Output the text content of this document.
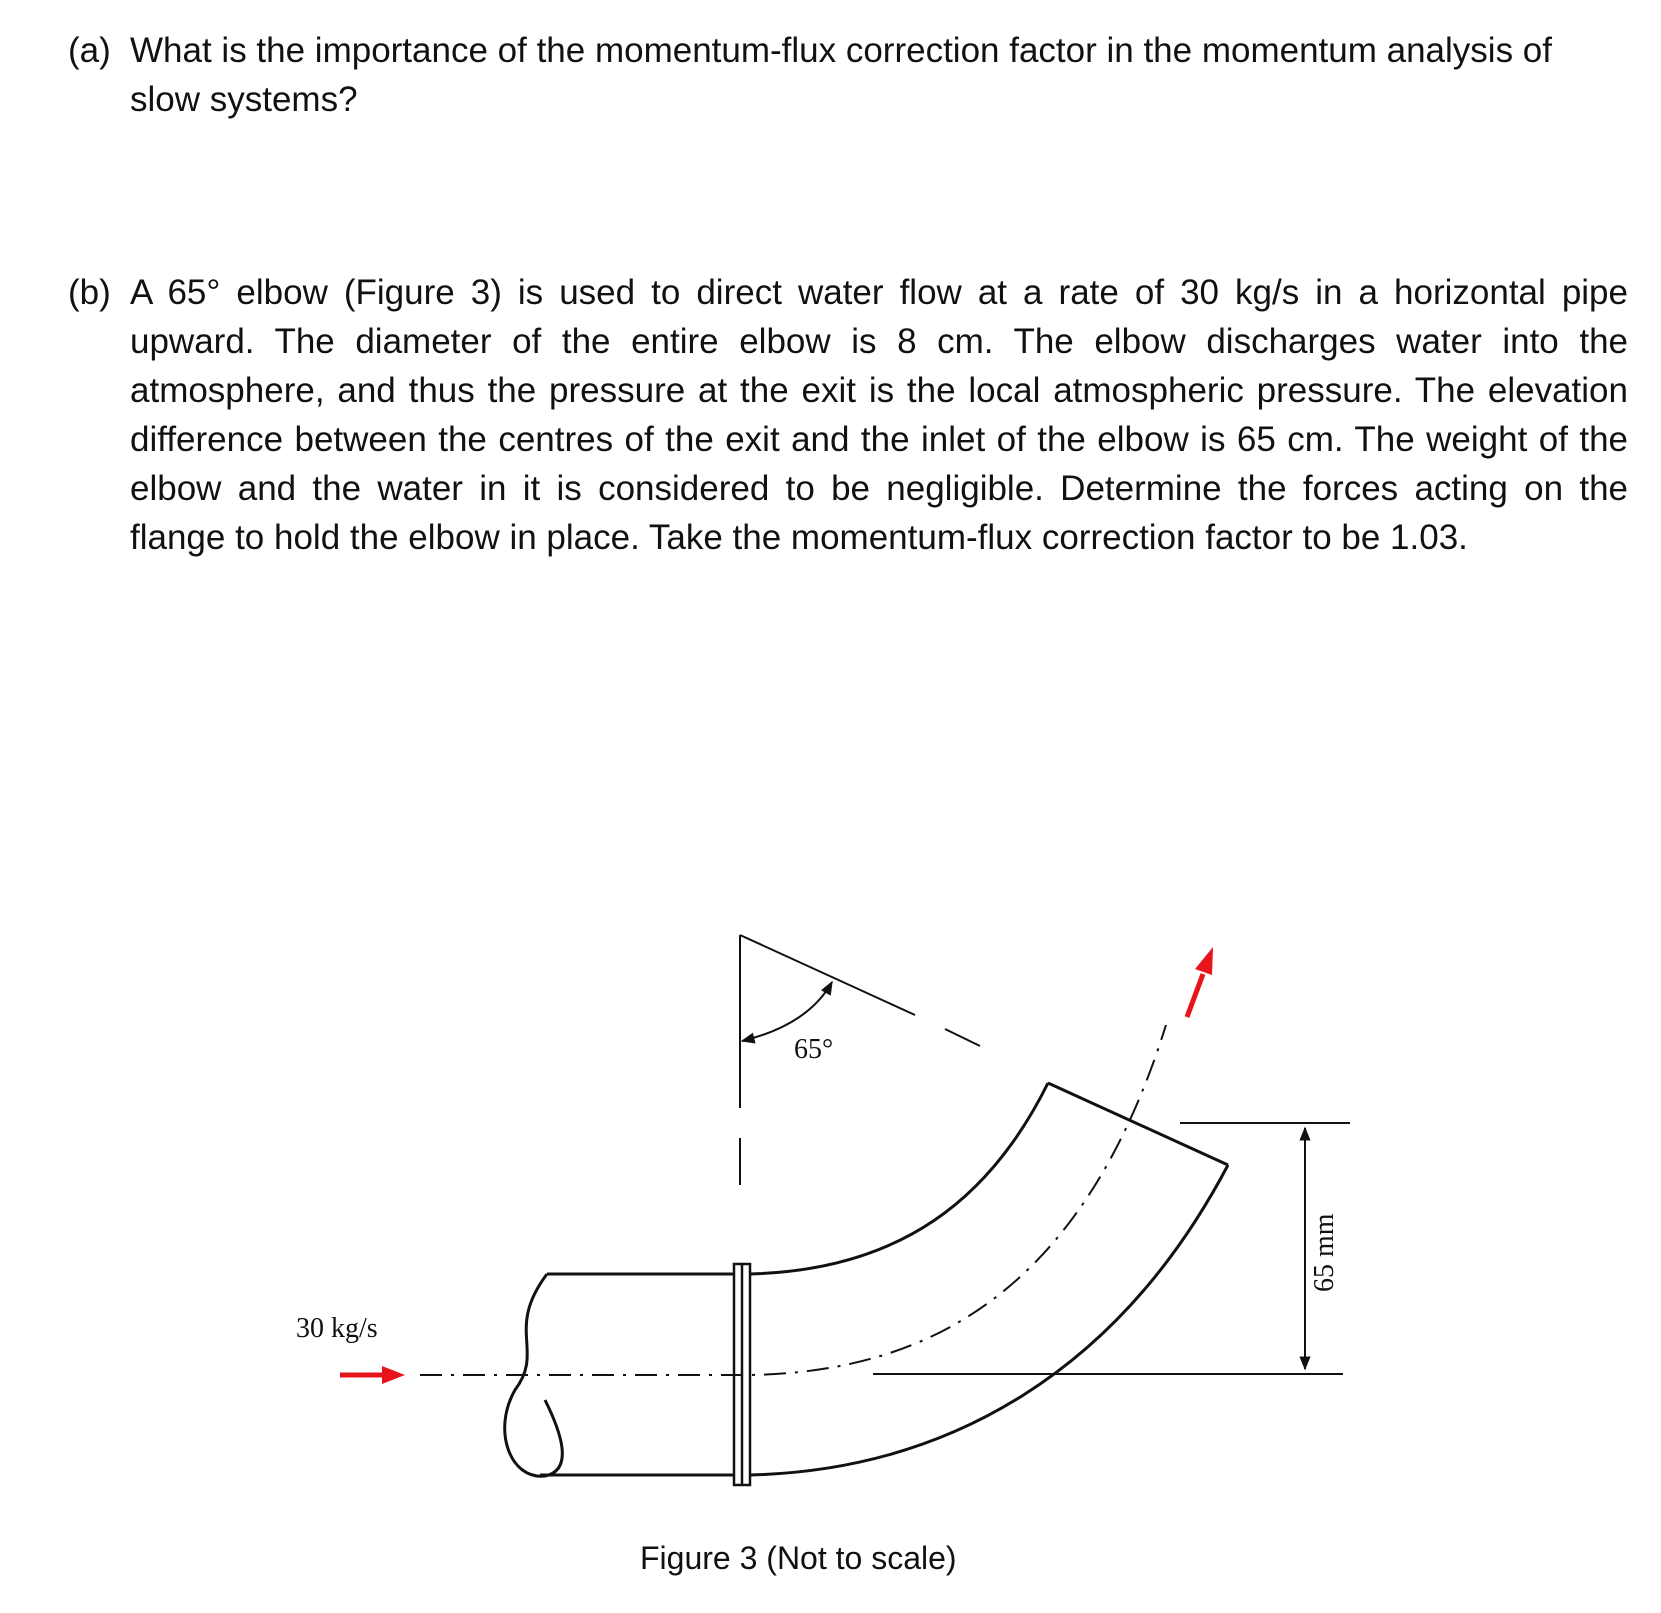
(a) What is the importance of the momentum-flux correction factor in the momentum analysis of slow systems?
(b) A 65° elbow (Figure 3) is used to direct water flow at a rate of 30 kg/s in a horizontal pipe upward. The diameter of the entire elbow is 8 cm. The elbow discharges water into the atmosphere, and thus the pressure at the exit is the local atmospheric pressure. The elevation difference between the centres of the exit and the inlet of the elbow is 65 cm. The weight of the elbow and the water in it is considered to be negligible. Determine the forces acting on the flange to hold the elbow in place. Take the momentum-flux correction factor to be 1.03.
65°
30 kg/s
65 mm
Figure 3 (Not to scale)
